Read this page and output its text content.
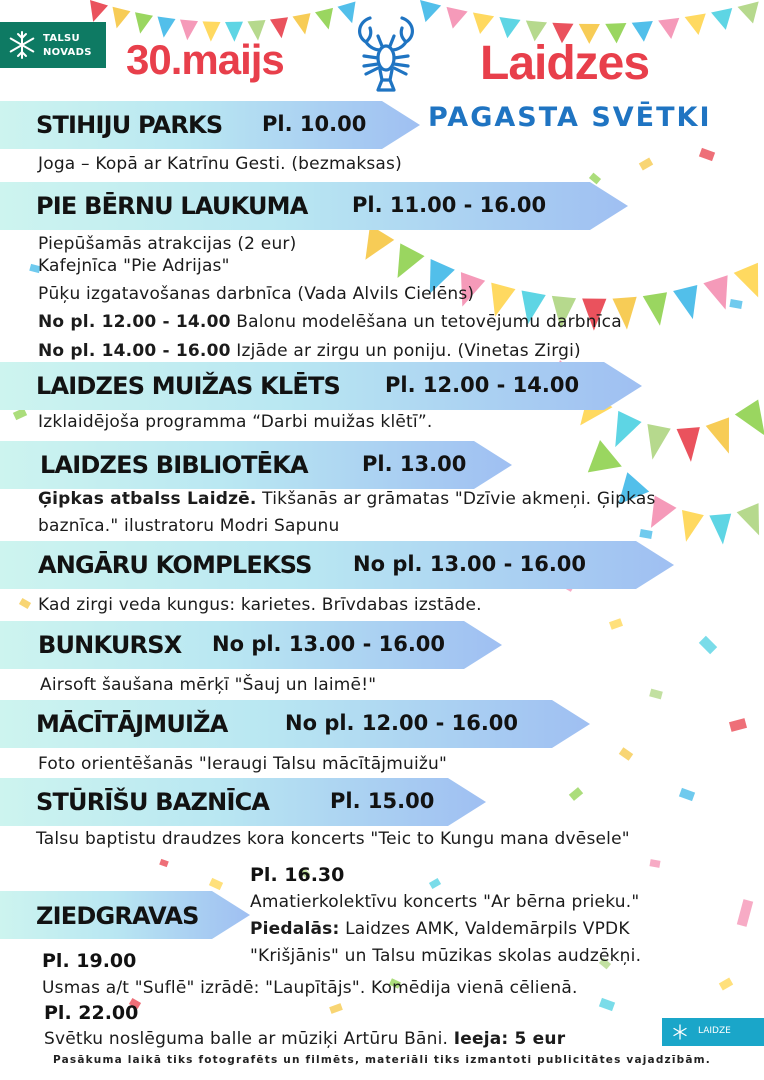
TALSU
NOVADS 30.maijs	Laidzes
PAGASTA SVĒTKI
STIHIJU PARKS Pl. 10.00
Joga – Kopā ar Katrīnu Gesti. (bezmaksas)
PIE BĒRNU LAUKUMA Pl. 11.00 - 16.00
Piepūšamās atrakcijas (2 eur)
Kafejnīca "Pie Adrijas"
Pūķu izgatavošanas darbnīca (Vada Alvils Cielēns)
No pl. 12.00 - 14.00 Balonu modelēšana un tetovējumu darbnīca
No pl. 14.00 - 16.00 Izjāde ar zirgu un poniju. (Vinetas Zirgi)
LAIDZES MUIŽAS KLĒTS Pl. 12.00 - 14.00
Izklaidējoša programma “Darbi muižas klētī”.
LAIDZES BIBLIOTĒKA	Pl. 13.00
Ģipkas atbalss Laidzē. Tikšanās ar grāmatas "Dzīvie akmeņi. Ģipkas
baznīca." ilustratoru Modri Sapunu
ANGĀRU KOMPLEKSS No pl. 13.00 - 16.00
Kad zirgi veda kungus: karietes. Brīvdabas izstāde.
BUNKURSX No pl. 13.00 - 16.00
Airsoft šaušana mērķī "Šauj un laimē!"
MĀCĪTĀJMUIŽA	No pl. 12.00 - 16.00
Foto orientēšanās "Ieraugi Talsu mācītājmuižu"
STŪRĪŠU BAZNĪCA	Pl. 15.00
Talsu baptistu draudzes kora koncerts "Teic to Kungu mana dvēsele"
ZIEDGRAVAS
Pl. 16.30
Amatierkolektīvu koncerts "Ar bērna prieku."
Piedalās: Laidzes AMK, Valdemārpils VPDK
"Krišjānis" un Talsu mūzikas skolas audzēkņi.
Pl. 19.00
Usmas a/t "Suflē" izrādē: "Laupītājs". Komēdija vienā cēlienā.
Pl. 22.00
Svētku noslēguma balle ar mūziķi Artūru Bāni. Ieeja: 5 eur	LAIDZE
Pasākuma laikā tiks fotografēts un filmēts, materiāli tiks izmantoti publicitātes vajadzībām.
